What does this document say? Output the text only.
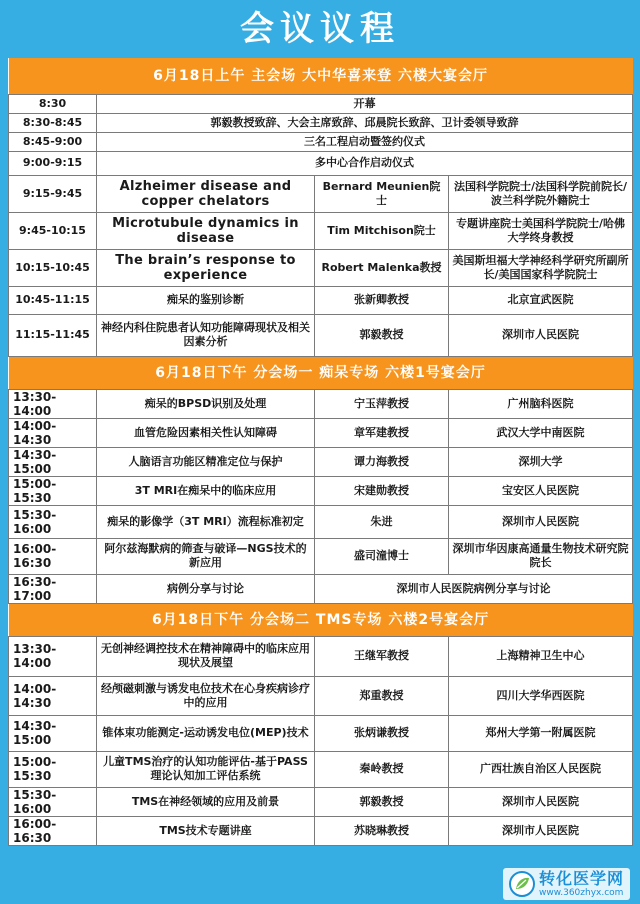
会议议程
6月18日上午 主会场 大中华喜来登 六楼大宴会厅			
8:30	开幕		
8:30-8:45	郭毅教授致辞、大会主席致辞、邱晨院长致辞、卫计委领导致辞		
8:45-9:00	三名工程启动暨签约仪式		
9:00-9:15	多中心合作启动仪式		
9:15-9:45	Alzheimer disease and copper chelators	Bernard Meunien院士	法国科学院院士/法国科学院前院长/波兰科学院外籍院士
9:45-10:15	Microtubule dynamics in disease	Tim Mitchison院士	专题讲座院士美国科学院院士/哈佛大学终身教授
10:15-10:45	The brain’s response to experience	Robert Malenka教授	美国斯坦福大学神经科学研究所副所长/美国国家科学院院士
10:45-11:15	痴呆的鉴别诊断	张新卿教授	北京宣武医院
11:15-11:45	神经内科住院患者认知功能障碍现状及相关因素分析	郭毅教授	深圳市人民医院
6月18日下午 分会场一 痴呆专场 六楼1号宴会厅			
13:30-14:00	痴呆的BPSD识别及处理	宁玉萍教授	广州脑科医院
14:00-14:30	血管危险因素相关性认知障碍	章军建教授	武汉大学中南医院
14:30-15:00	人脑语言功能区精准定位与保护	谭力海教授	深圳大学
15:00-15:30	3T MRI在痴呆中的临床应用	宋建勋教授	宝安区人民医院
15:30-16:00	痴呆的影像学（3T MRI）流程标准初定	朱进	深圳市人民医院
16:00-16:30	阿尔兹海默病的筛查与破译—NGS技术的新应用	盛司潼博士	深圳市华因康高通量生物技术研究院院长
16:30-17:00	病例分享与讨论	深圳市人民医院病例分享与讨论	
6月18日下午 分会场二 TMS专场 六楼2号宴会厅			
13:30-14:00	无创神经调控技术在精神障碍中的临床应用现状及展望	王继军教授	上海精神卫生中心
14:00-14:30	经颅磁刺激与诱发电位技术在心身疾病诊疗中的应用	郑重教授	四川大学华西医院
14:30-15:00	锥体束功能测定-运动诱发电位(MEP)技术	张炳谦教授	郑州大学第一附属医院
15:00-15:30	儿童TMS治疗的认知功能评估-基于PASS理论认知加工评估系统	秦岭教授	广西壮族自治区人民医院
15:30-16:00	TMS在神经领域的应用及前景	郭毅教授	深圳市人民医院
16:00-16:30	TMS技术专题讲座	苏晓琳教授	深圳市人民医院
转化医学网
www.360zhyx.com
